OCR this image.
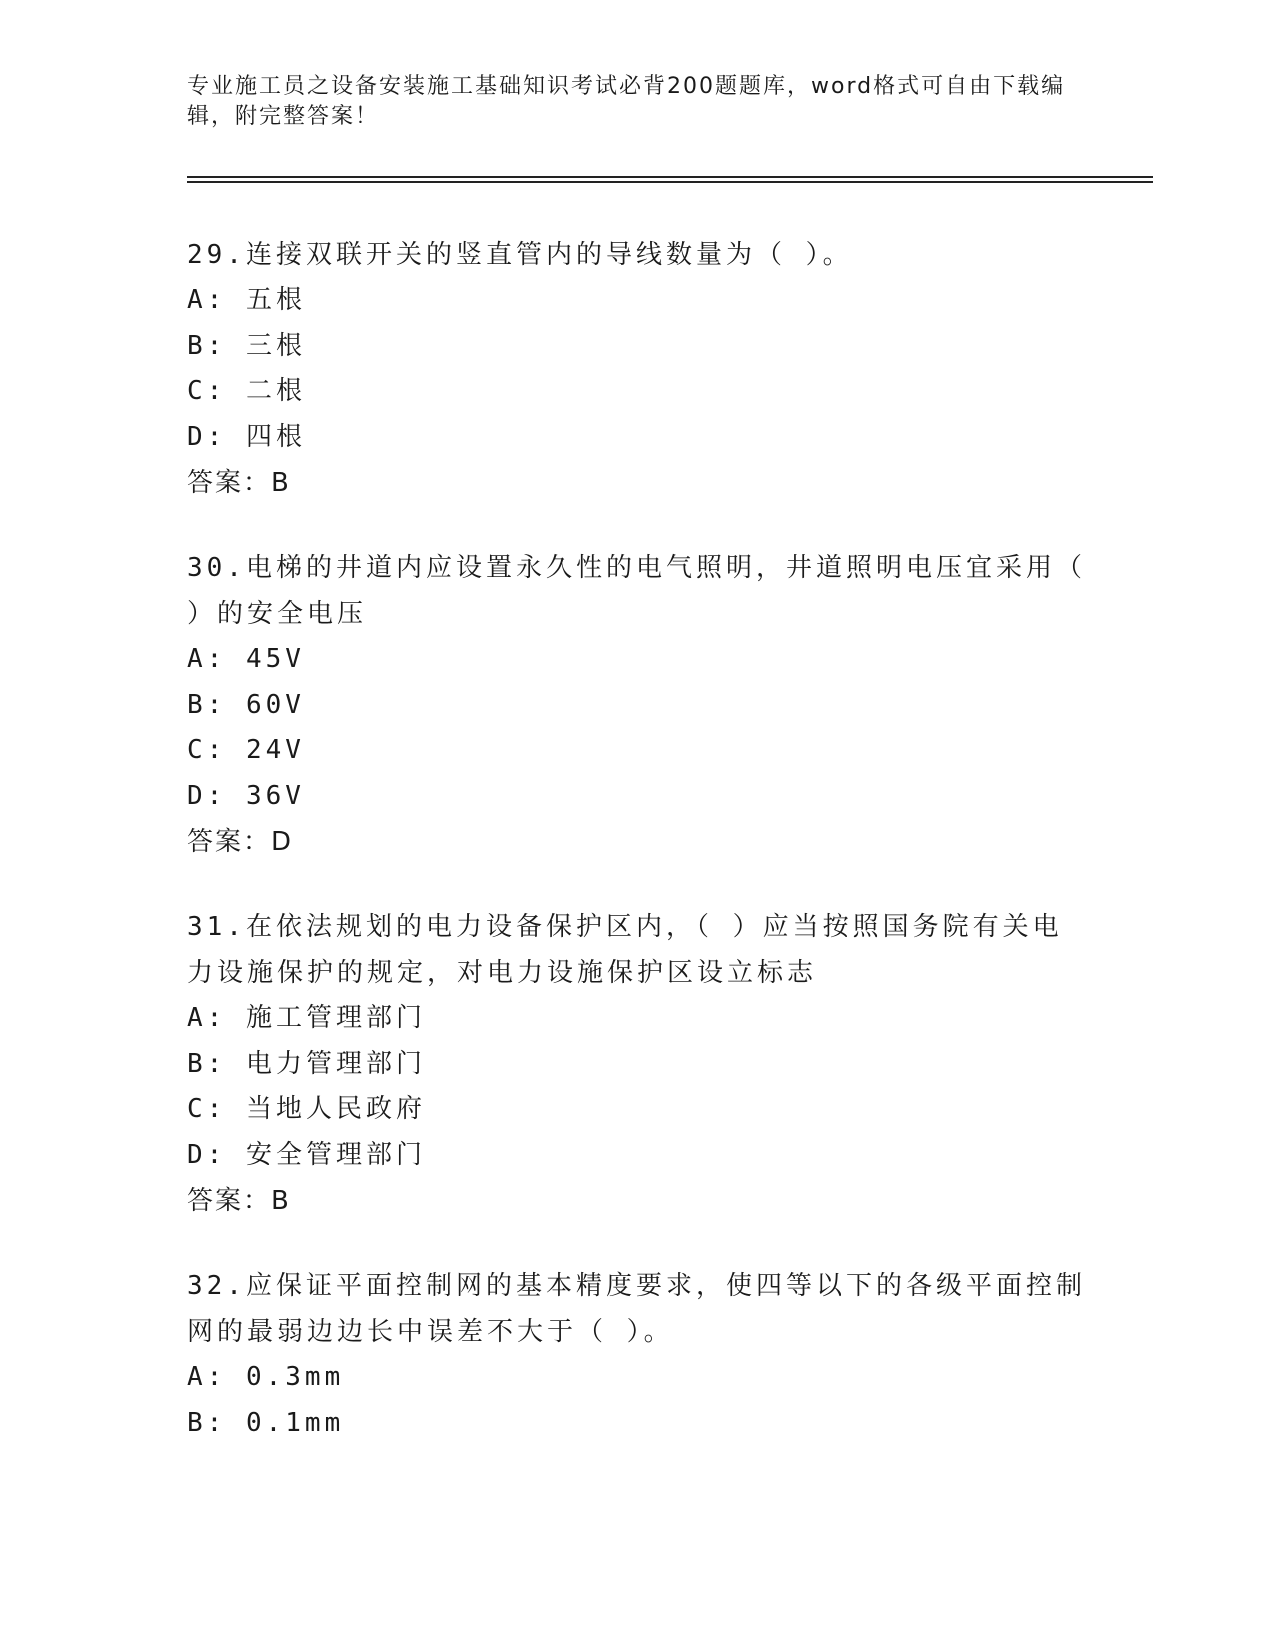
专业施工员之设备安装施工基础知识考试必背200题题库，word格式可自由下载编辑，附完整答案！
29.连接双联开关的竖直管内的导线数量为（ ）。
A: 五根
B: 三根
C: 二根
D: 四根
答案：B
30.电梯的井道内应设置永久性的电气照明，井道照明电压宜采用（ ）的安全电压
A: 45V
B: 60V
C: 24V
D: 36V
答案：D
31.在依法规划的电力设备保护区内，（ ）应当按照国务院有关电力设施保护的规定，对电力设施保护区设立标志
A: 施工管理部门
B: 电力管理部门
C: 当地人民政府
D: 安全管理部门
答案：B
32.应保证平面控制网的基本精度要求，使四等以下的各级平面控制网的最弱边边长中误差不大于（ ）。
A: 0.3mm
B: 0.1mm
